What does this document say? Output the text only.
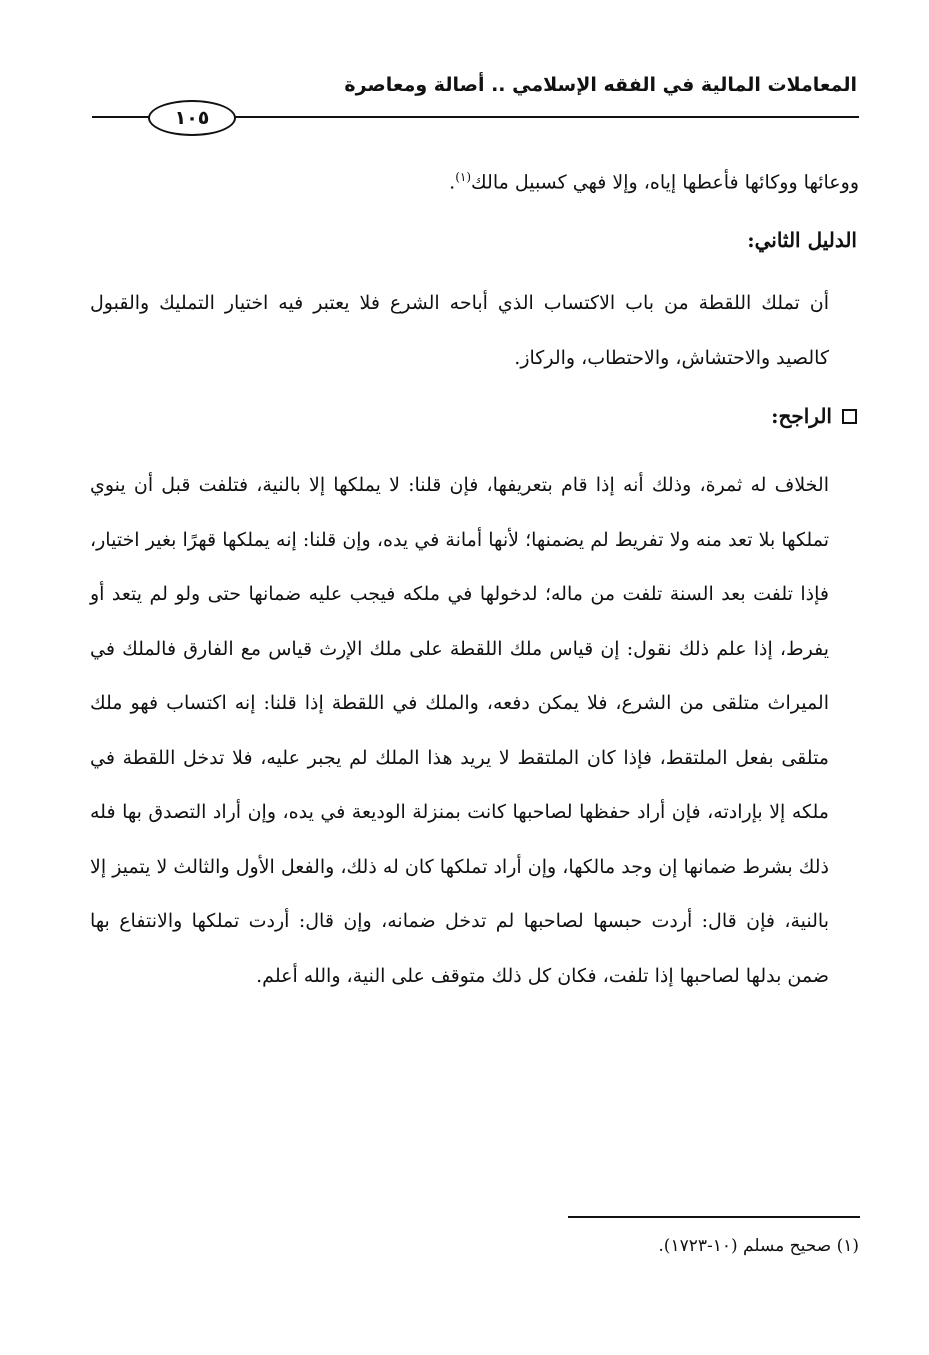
المعاملات المالية في الفقه الإسلامي .. أصالة ومعاصرة
١٠٥
ووعائها ووكائها فأعطها إياه، وإلا فهي كسبيل مالك$^{(١)}$.
الدليل الثاني:
أن تملك اللقطة من باب الاكتساب الذي أباحه الشرع فلا يعتبر فيه اختيار التمليك والقبول كالصيد والاحتشاش، والاحتطاب، والركاز.
الراجح:
الخلاف له ثمرة، وذلك أنه إذا قام بتعريفها، فإن قلنا: لا يملكها إلا بالنية، فتلفت قبل أن ينوي تملكها بلا تعد منه ولا تفريط لم يضمنها؛ لأنها أمانة في يده، وإن قلنا: إنه يملكها قهرًا بغير اختيار، فإذا تلفت بعد السنة تلفت من ماله؛ لدخولها في ملكه فيجب عليه ضمانها حتى ولو لم يتعد أو يفرط، إذا علم ذلك نقول: إن قياس ملك اللقطة على ملك الإرث قياس مع الفارق فالملك في الميراث متلقى من الشرع، فلا يمكن دفعه، والملك في اللقطة إذا قلنا: إنه اكتساب فهو ملك متلقى بفعل الملتقط، فإذا كان الملتقط لا يريد هذا الملك لم يجبر عليه، فلا تدخل اللقطة في ملكه إلا بإرادته، فإن أراد حفظها لصاحبها كانت بمنزلة الوديعة في يده، وإن أراد التصدق بها فله ذلك بشرط ضمانها إن وجد مالكها، وإن أراد تملكها كان له ذلك، والفعل الأول والثالث لا يتميز إلا بالنية، فإن قال: أردت حبسها لصاحبها لم تدخل ضمانه، وإن قال: أردت تملكها والانتفاع بها ضمن بدلها لصاحبها إذا تلفت، فكان كل ذلك متوقف على النية، والله أعلم.
(١) صحيح مسلم (١٠-١٧٢٣).
